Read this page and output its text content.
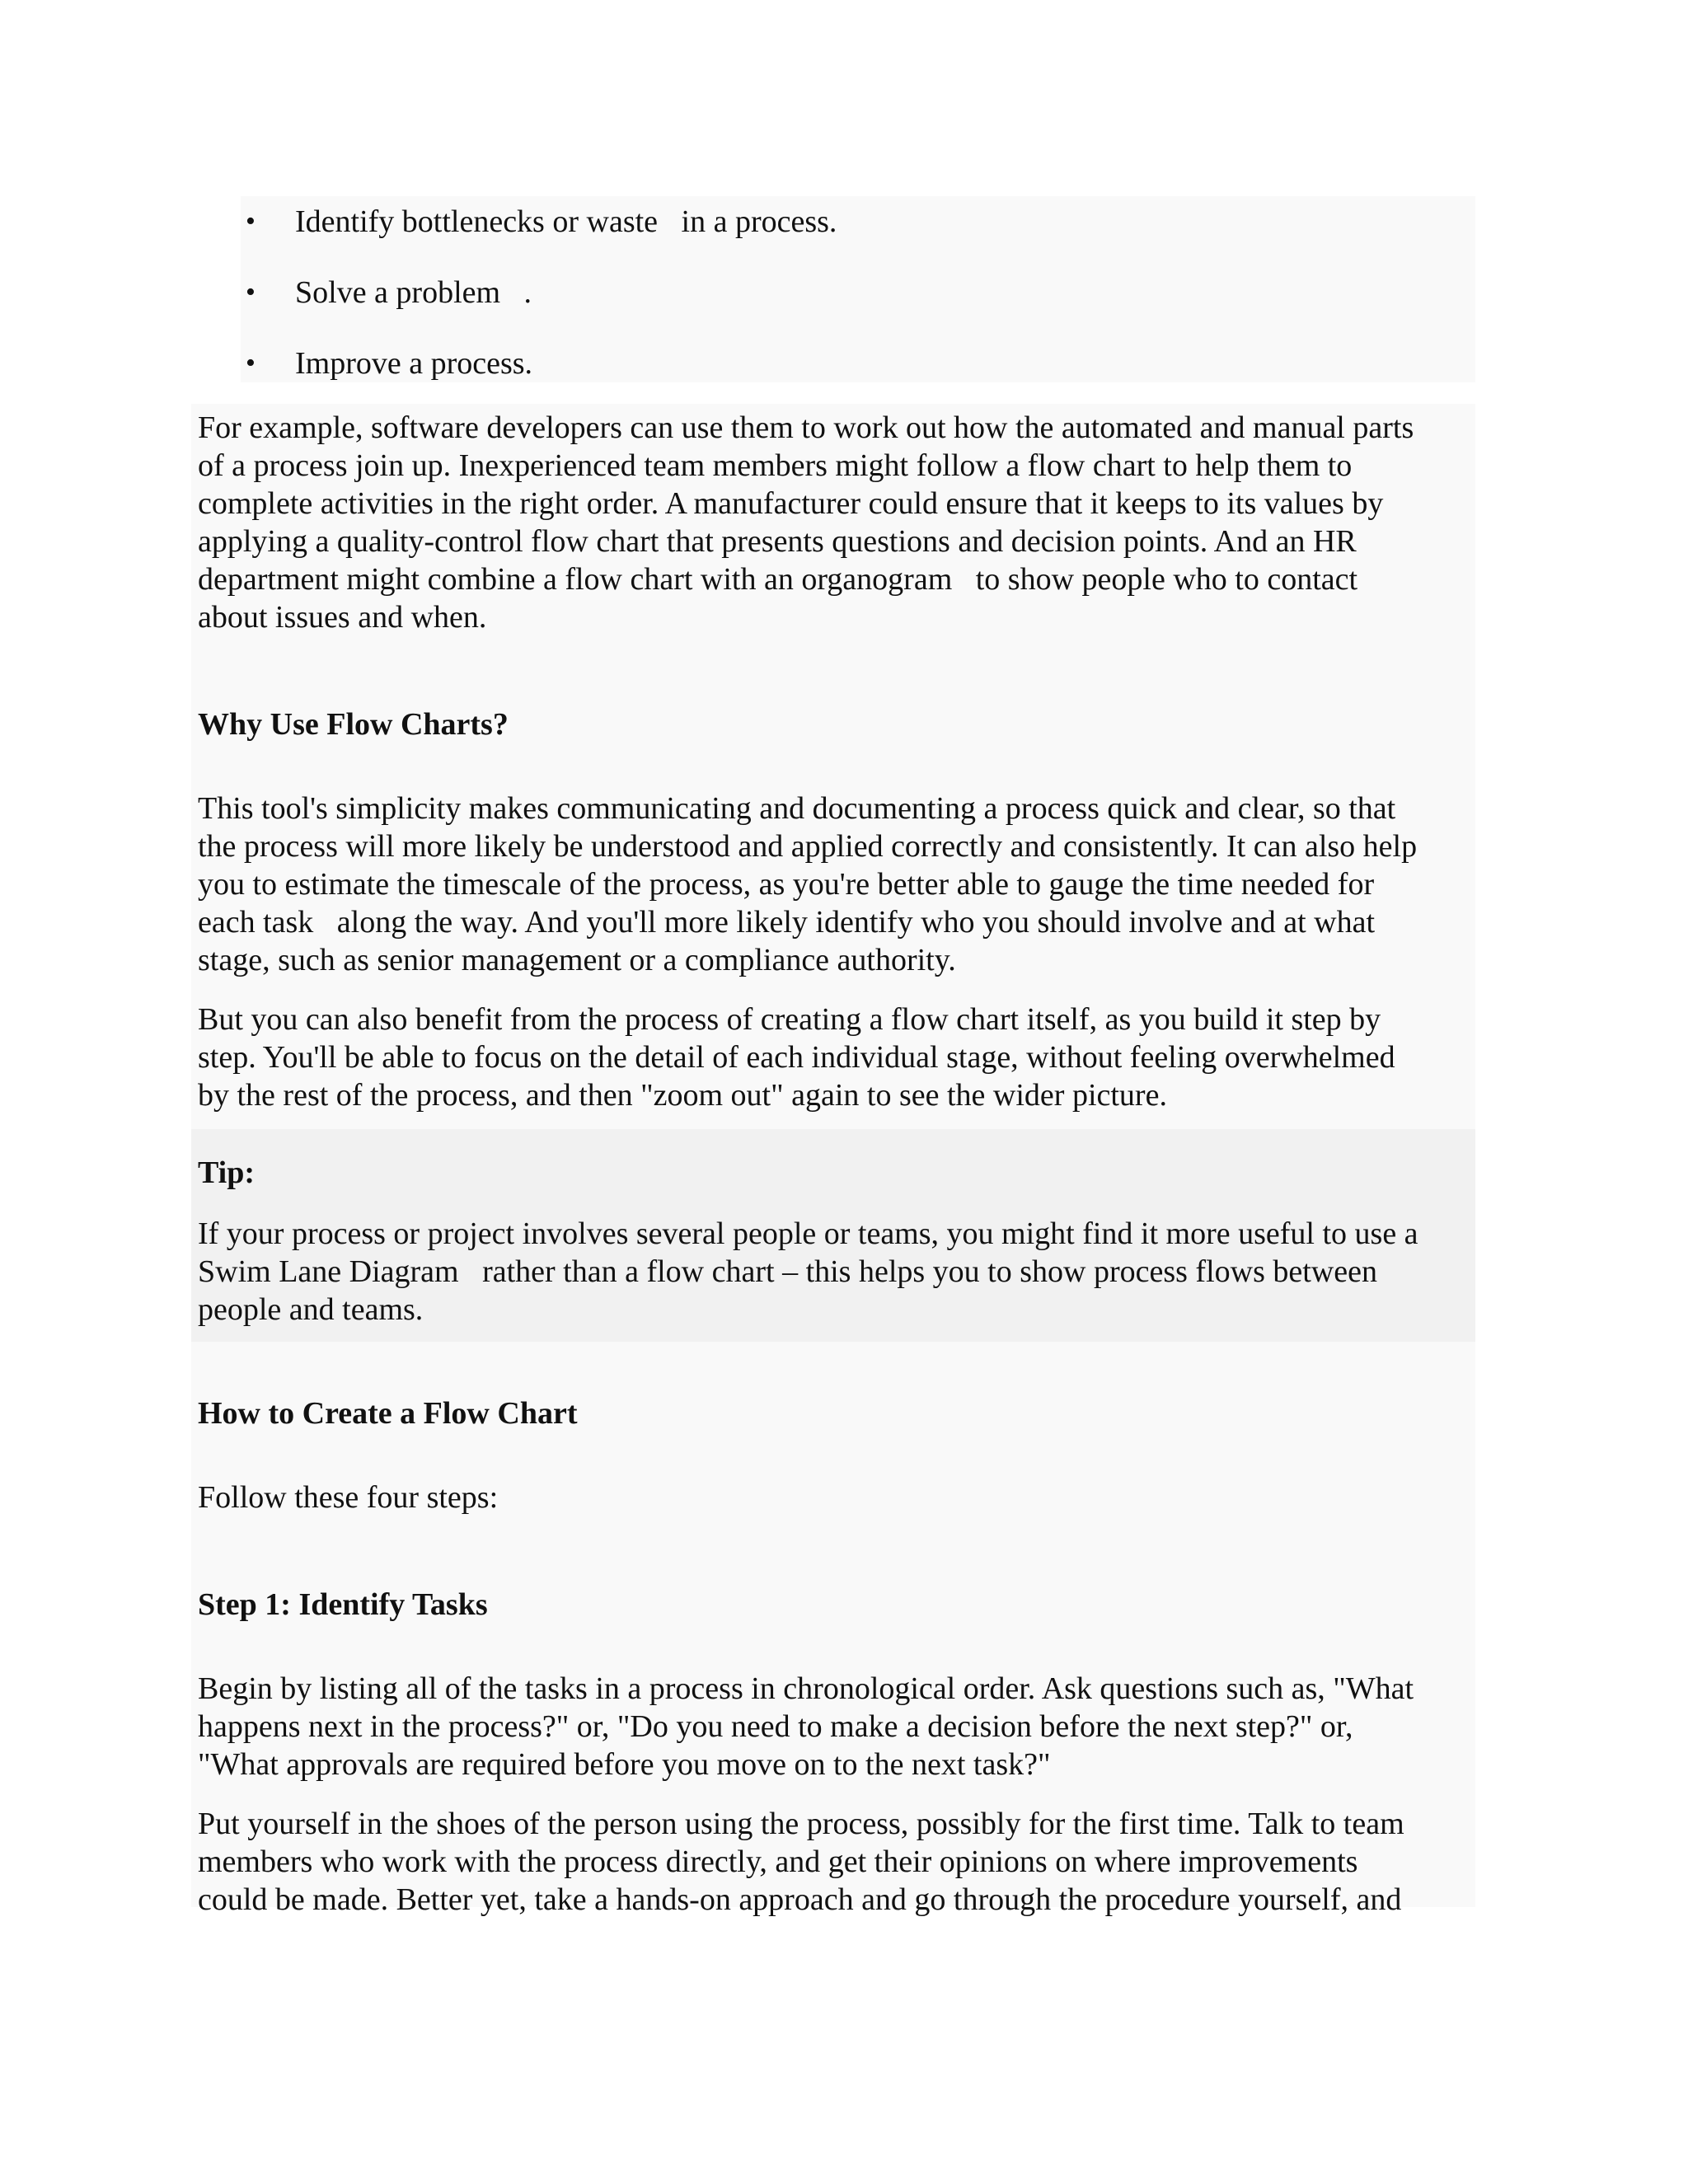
• Identify bottlenecks or waste   in a process.

• Solve a problem   .

• Improve a process.

For example, software developers can use them to work out how the automated and manual parts

of a process join up. Inexperienced team members might follow a flow chart to help them to

complete activities in the right order. A manufacturer could ensure that it keeps to its values by

applying a quality-control flow chart that presents questions and decision points. And an HR

department might combine a flow chart with an organogram   to show people who to contact

about issues and when.

Why Use Flow Charts?

This tool's simplicity makes communicating and documenting a process quick and clear, so that

the process will more likely be understood and applied correctly and consistently. It can also help

you to estimate the timescale of the process, as you're better able to gauge the time needed for

each task   along the way. And you'll more likely identify who you should involve and at what

stage, such as senior management or a compliance authority.

But you can also benefit from the process of creating a flow chart itself, as you build it step by

step. You'll be able to focus on the detail of each individual stage, without feeling overwhelmed

by the rest of the process, and then "zoom out" again to see the wider picture.

Tip:

If your process or project involves several people or teams, you might find it more useful to use a

Swim Lane Diagram   rather than a flow chart – this helps you to show process flows between

people and teams.

How to Create a Flow Chart

Follow these four steps:

Step 1: Identify Tasks

Begin by listing all of the tasks in a process in chronological order. Ask questions such as, "What

happens next in the process?" or, "Do you need to make a decision before the next step?" or,

"What approvals are required before you move on to the next task?"

Put yourself in the shoes of the person using the process, possibly for the first time. Talk to team

members who work with the process directly, and get their opinions on where improvements

could be made. Better yet, take a hands-on approach and go through the procedure yourself, and
